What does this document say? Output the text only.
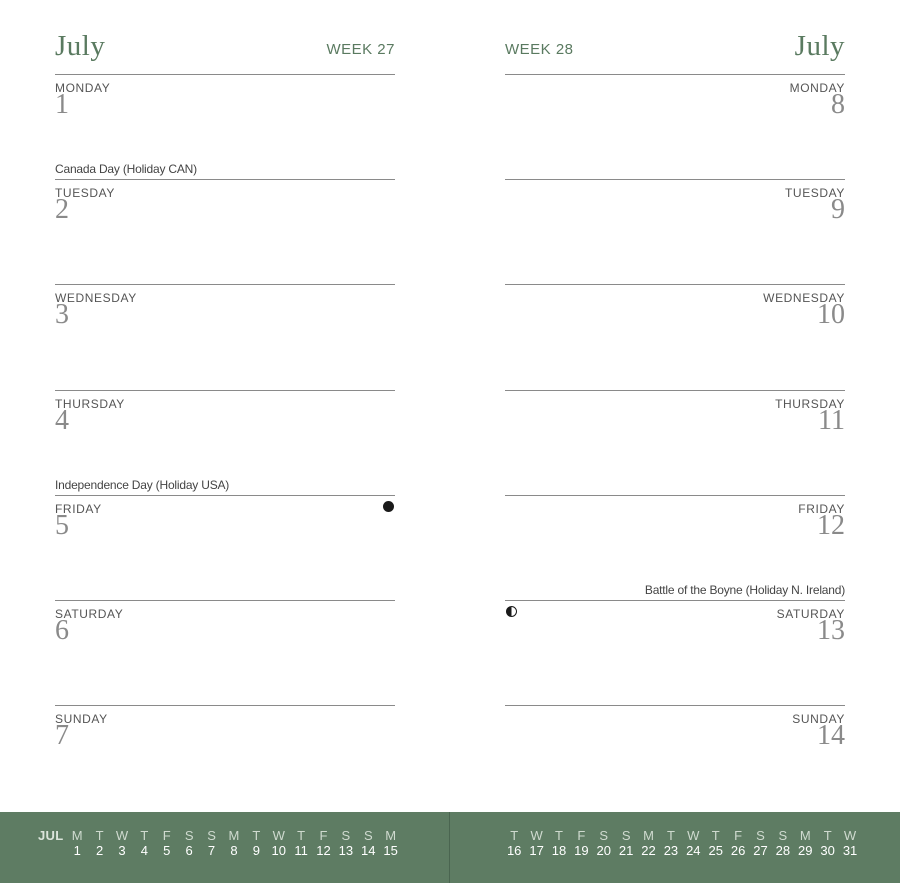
July	WEEK 27
MONDAY
1
Canada Day (Holiday CAN)
TUESDAY
2
WEDNESDAY
3
THURSDAY
4
Independence Day (Holiday USA)
FRIDAY
5
SATURDAY
6
SUNDAY
7
WEEK 28	July
MONDAY
8
TUESDAY
9
WEDNESDAY
10
THURSDAY
11
FRIDAY
12
Battle of the Boyne (Holiday N. Ireland)
SATURDAY
13
SUNDAY
14
JUL M
1
T
2
W
3
T
4
F
5
S
6
S
7
M
8
T
9
W
10
T
11
F
12
S
13
S
14
M
15
T
16
W
17
T
18
F
19
S
20
S
21
M
22
T
23
W
24
T
25
F
26
S
27
S
28
M
29
T
30
W
31
